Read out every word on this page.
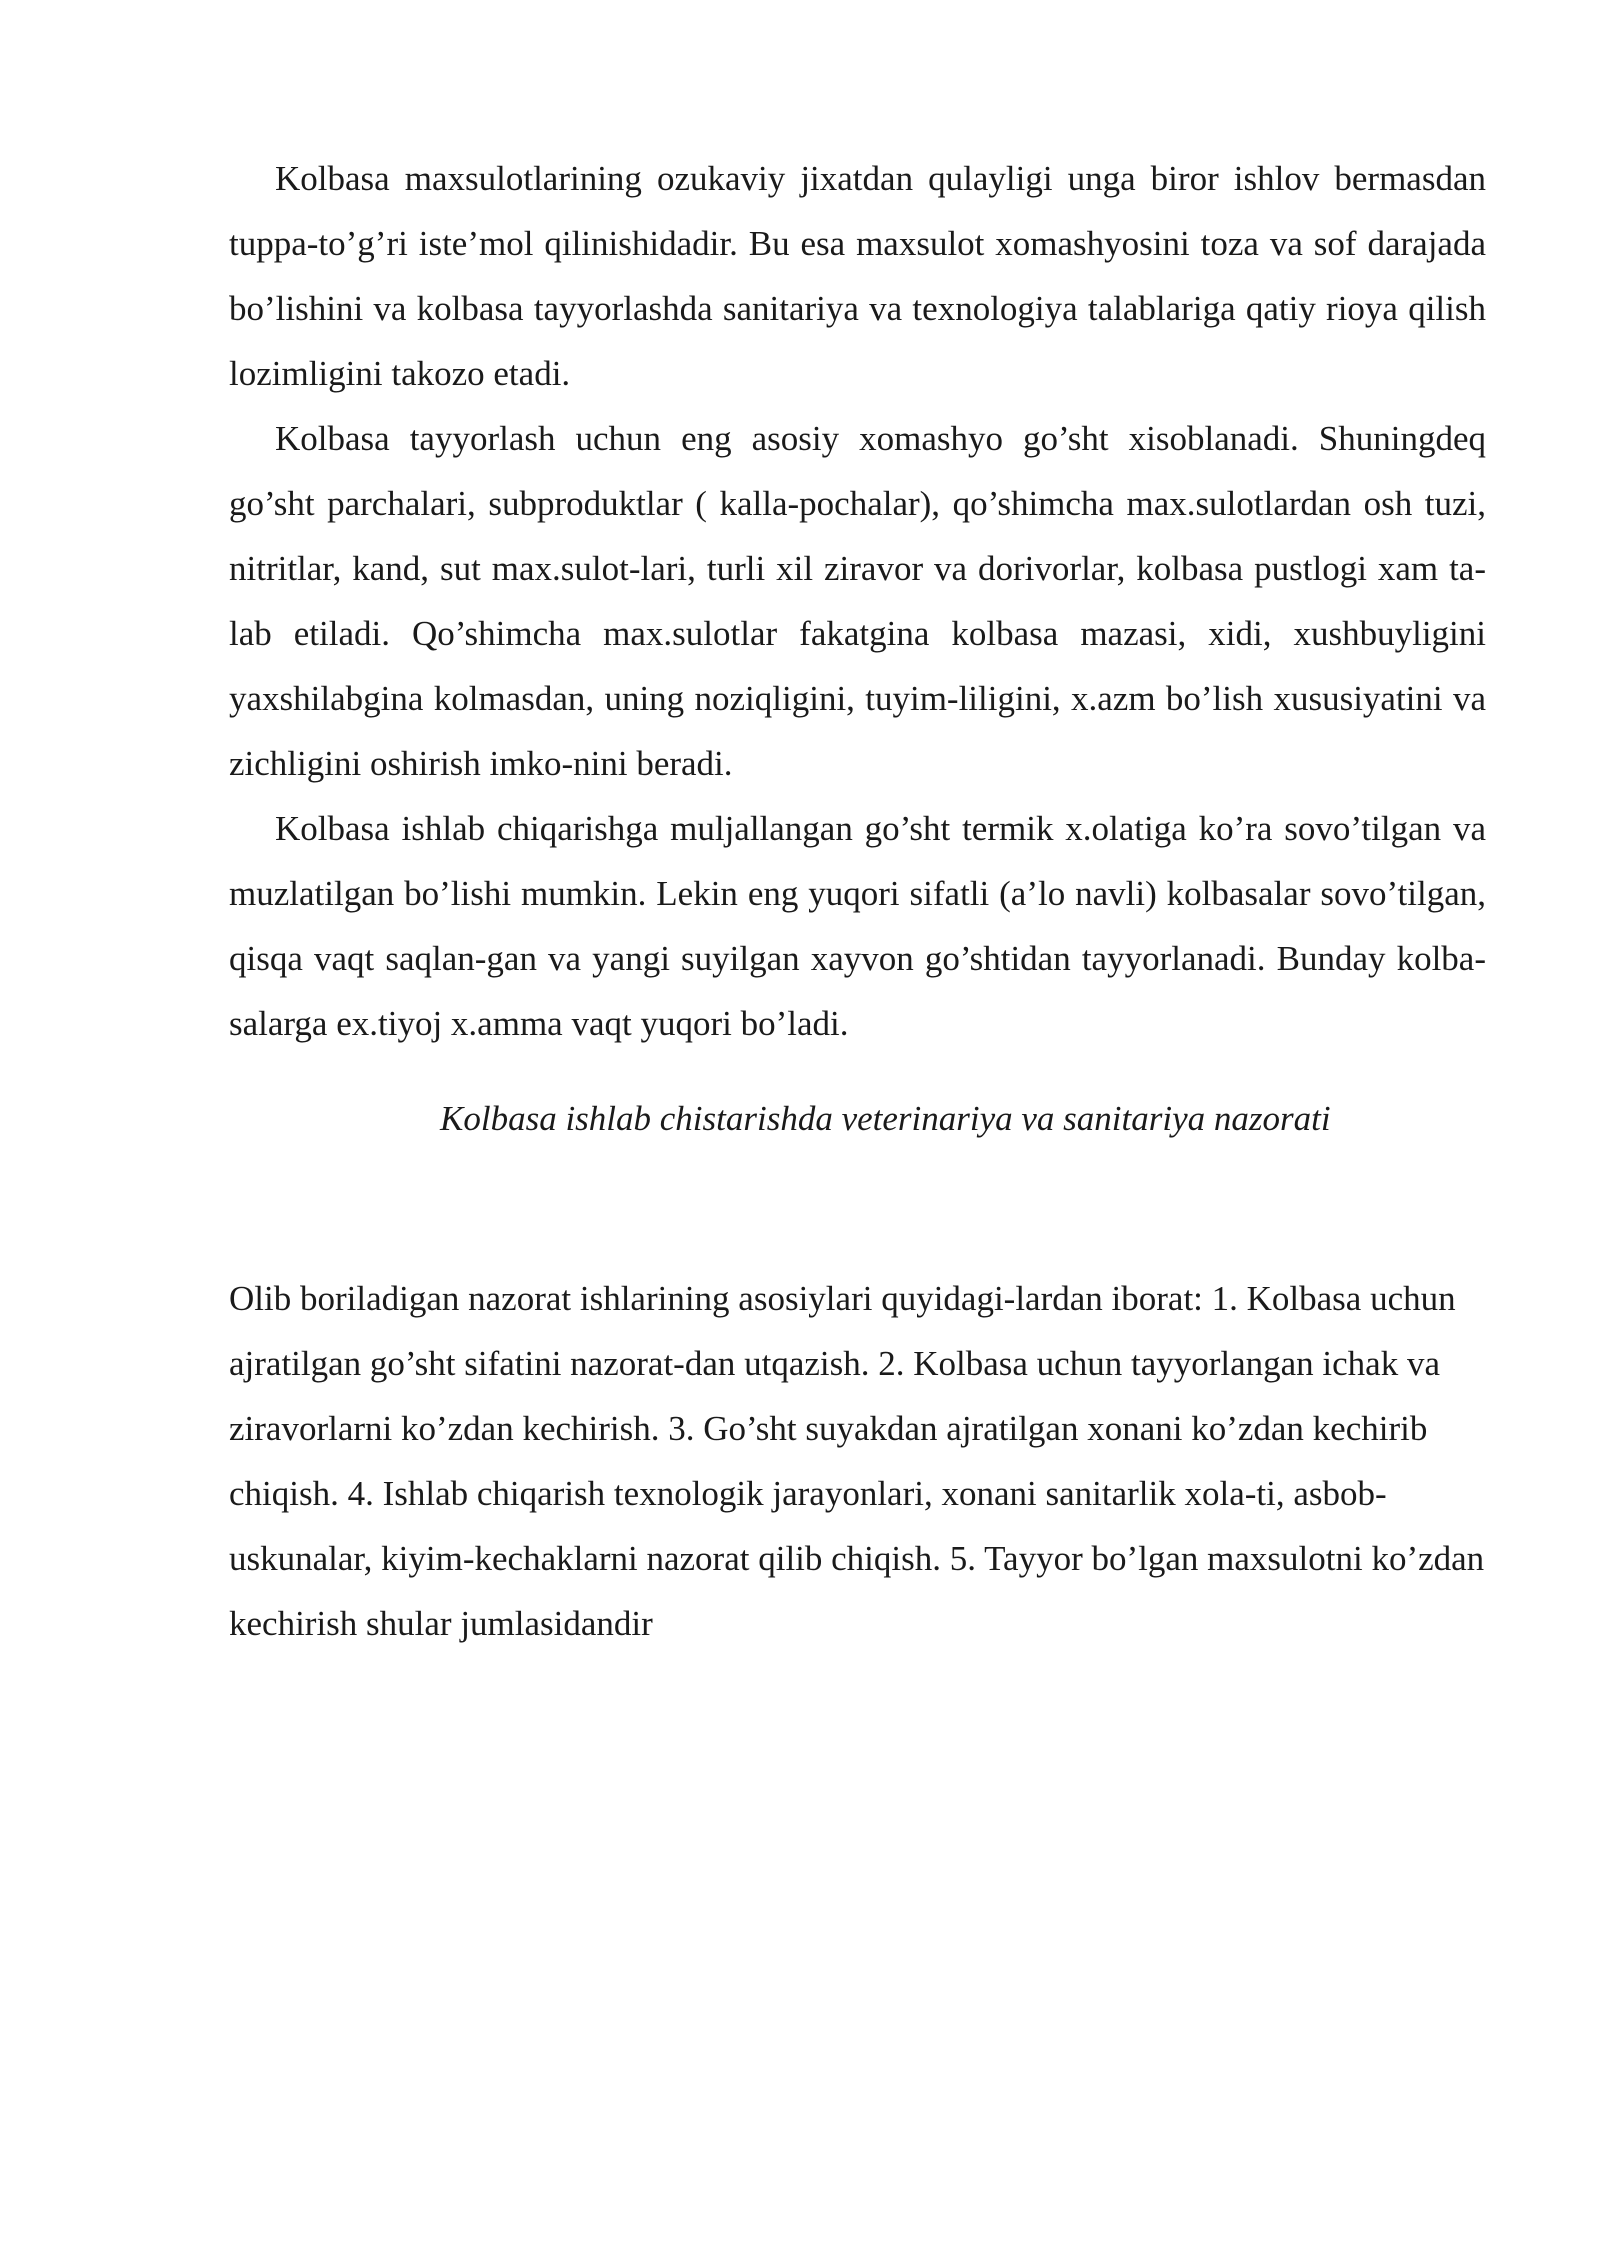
Kolbasa maxsulotlarining ozukaviy jixatdan qulayligi unga biror ishlov bermasdan tuppa-to’g’ri iste’mol qilinishidadir. Bu esa maxsulot xomashyosini toza va sof darajada bo’lishini va kolbasa tayyorlashda sanitariya va texnologiya talablariga qatiy rioya qilish lozimligini takozo etadi.

Kolbasa tayyorlash uchun eng asosiy xomashyo go’sht xisoblanadi. Shuningdeq go’sht parchalari, subproduktlar ( kalla-pochalar), qo’shimcha max.sulotlardan osh tuzi, nitritlar, kand, sut max.sulot-lari, turli xil ziravor va dorivorlar, kolbasa pustlogi xam ta-lab etiladi. Qo’shimcha max.sulotlar fakatgina kolbasa mazasi, xidi, xushbuyligini yaxshilabgina kolmasdan, uning noziqligini, tuyim-liligini, x.azm bo’lish xususiyatini va zichligini oshirish imko-nini beradi.

Kolbasa ishlab chiqarishga muljallangan go’sht termik x.olatiga ko’ra sovo’tilgan va muzlatilgan bo’lishi mumkin. Lekin eng yuqori sifatli (a’lo navli) kolbasalar sovo’tilgan, qisqa vaqt saqlan-gan va yangi suyilgan xayvon go’shtidan tayyorlanadi. Bunday kolba-salarga ex.tiyoj x.amma vaqt yuqori bo’ladi.

Kolbasa ishlab chistarishda veterinariya va sanitariya nazorati

Olib boriladigan nazorat ishlarining asosiylari quyidagi-lardan iborat: 1. Kolbasa uchun ajratilgan go’sht sifatini nazorat-dan utqazish. 2. Kolbasa uchun tayyorlangan ichak va ziravorlarni ko’zdan kechirish. 3. Go’sht suyakdan ajratilgan xonani ko’zdan kechirib chiqish. 4. Ishlab chiqarish texnologik jarayonlari, xonani sanitarlik xola-ti, asbob-uskunalar, kiyim-kechaklarni nazorat qilib chiqish. 5. Tayyor bo’lgan maxsulotni ko’zdan kechirish shular jumlasidandir
